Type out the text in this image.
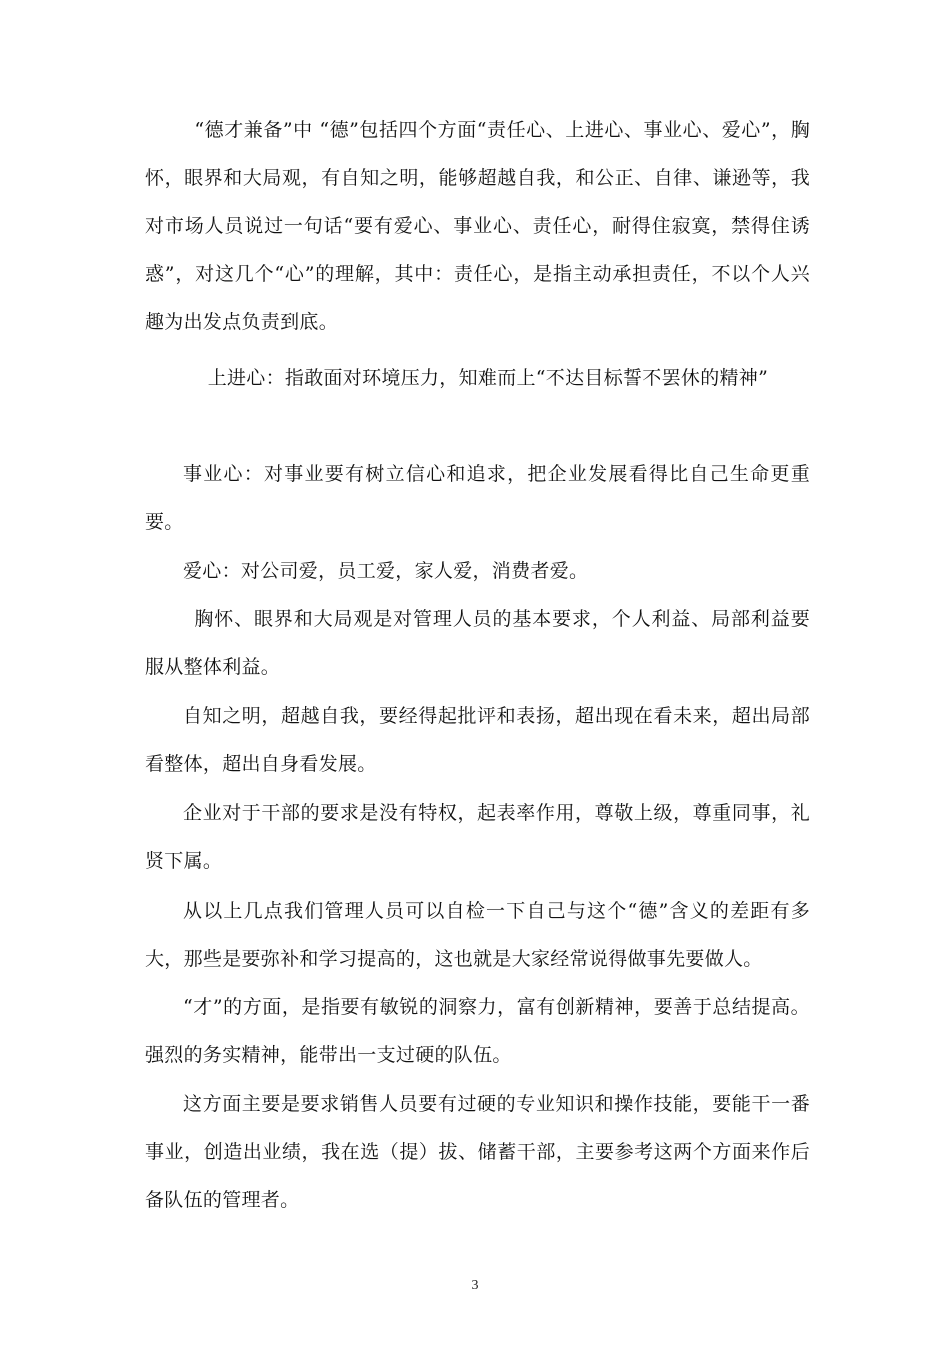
“德才兼备”中 “德”包括四个方面“责任心、上进心、事业心、爱心”，胸怀，眼界和大局观，有自知之明，能够超越自我，和公正、自律、谦逊等，我对市场人员说过一句话“要有爱心、事业心、责任心，耐得住寂寞，禁得住诱惑”，对这几个“心”的理解，其中：责任心，是指主动承担责任，不以个人兴趣为出发点负责到底。

上进心：指敢面对环境压力，知难而上“不达目标誓不罢休的精神”

事业心：对事业要有树立信心和追求，把企业发展看得比自己生命更重要。

爱心：对公司爱，员工爱，家人爱，消费者爱。

胸怀、眼界和大局观是对管理人员的基本要求，个人利益、局部利益要服从整体利益。

自知之明，超越自我，要经得起批评和表扬，超出现在看未来，超出局部看整体，超出自身看发展。

企业对于干部的要求是没有特权，起表率作用，尊敬上级，尊重同事，礼贤下属。

从以上几点我们管理人员可以自检一下自己与这个“德”含义的差距有多大，那些是要弥补和学习提高的，这也就是大家经常说得做事先要做人。

“才”的方面，是指要有敏锐的洞察力，富有创新精神，要善于总结提高。强烈的务实精神，能带出一支过硬的队伍。

这方面主要是要求销售人员要有过硬的专业知识和操作技能，要能干一番事业，创造出业绩，我在选（提）拔、储蓄干部，主要参考这两个方面来作后备队伍的管理者。

3
